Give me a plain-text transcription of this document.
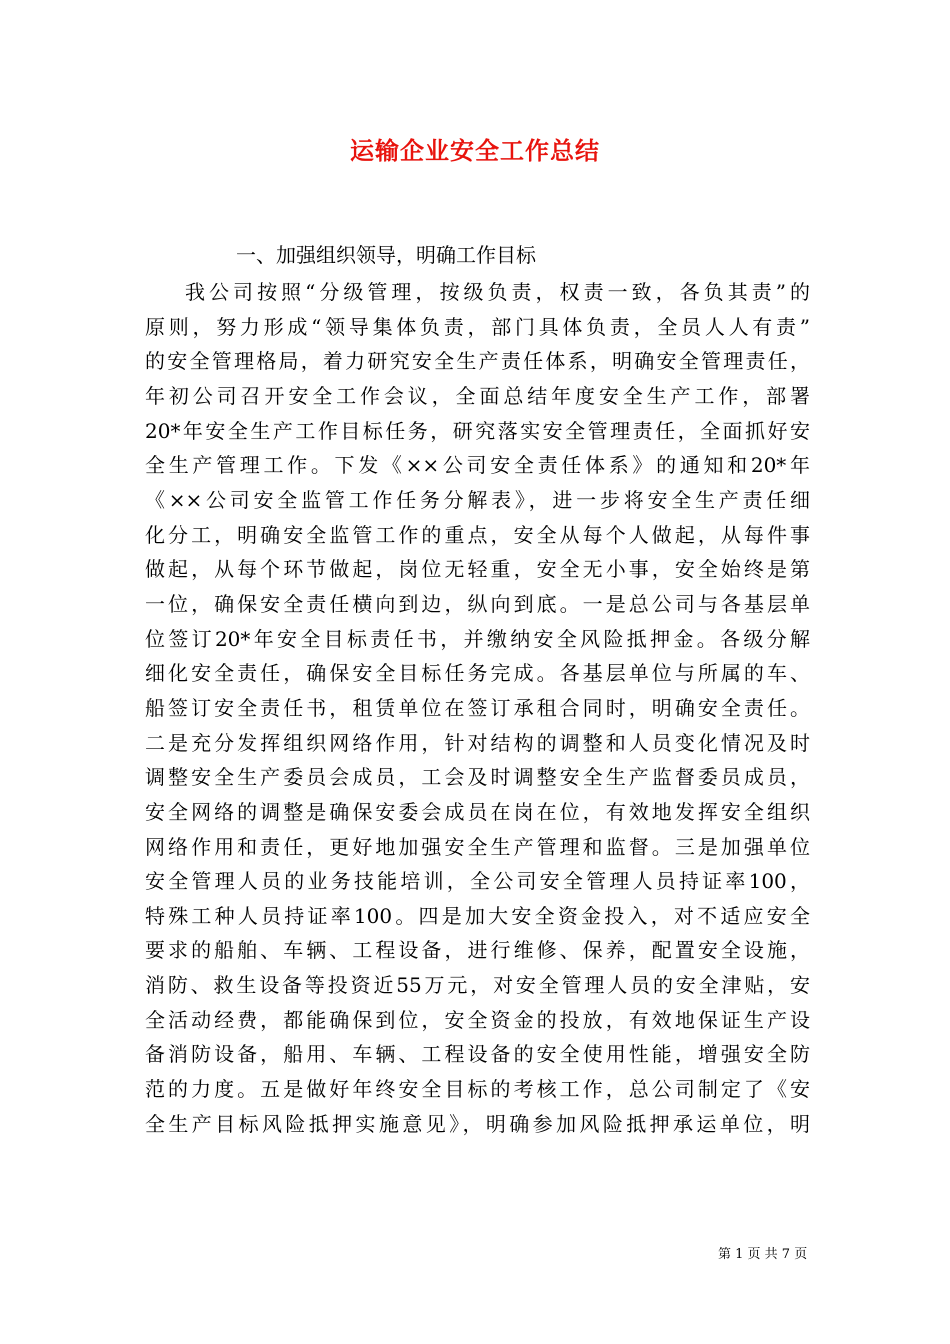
运输企业安全工作总结
一、加强组织领导，明确工作目标
我公司按照“分级管理，按级负责，权责一致，各负其责”的
原则，努力形成“领导集体负责，部门具体负责，全员人人有责”
的安全管理格局，着力研究安全生产责任体系，明确安全管理责任，
年初公司召开安全工作会议，全面总结年度安全生产工作，部署
20*年安全生产工作目标任务，研究落实安全管理责任，全面抓好安
全生产管理工作。下发《××公司安全责任体系》的通知和20*年
《××公司安全监管工作任务分解表》，进一步将安全生产责任细
化分工，明确安全监管工作的重点，安全从每个人做起，从每件事
做起，从每个环节做起，岗位无轻重，安全无小事，安全始终是第
一位，确保安全责任横向到边，纵向到底。一是总公司与各基层单
位签订20*年安全目标责任书，并缴纳安全风险抵押金。各级分解
细化安全责任，确保安全目标任务完成。各基层单位与所属的车、
船签订安全责任书，租赁单位在签订承租合同时，明确安全责任。
二是充分发挥组织网络作用，针对结构的调整和人员变化情况及时
调整安全生产委员会成员，工会及时调整安全生产监督委员成员，
安全网络的调整是确保安委会成员在岗在位，有效地发挥安全组织
网络作用和责任，更好地加强安全生产管理和监督。三是加强单位
安全管理人员的业务技能培训，全公司安全管理人员持证率100，
特殊工种人员持证率100。四是加大安全资金投入，对不适应安全
要求的船舶、车辆、工程设备，进行维修、保养，配置安全设施，
消防、救生设备等投资近55万元，对安全管理人员的安全津贴，安
全活动经费，都能确保到位，安全资金的投放，有效地保证生产设
备消防设备，船用、车辆、工程设备的安全使用性能，增强安全防
范的力度。五是做好年终安全目标的考核工作，总公司制定了《安
全生产目标风险抵押实施意见》，明确参加风险抵押承运单位，明
第 1 页 共 7 页
